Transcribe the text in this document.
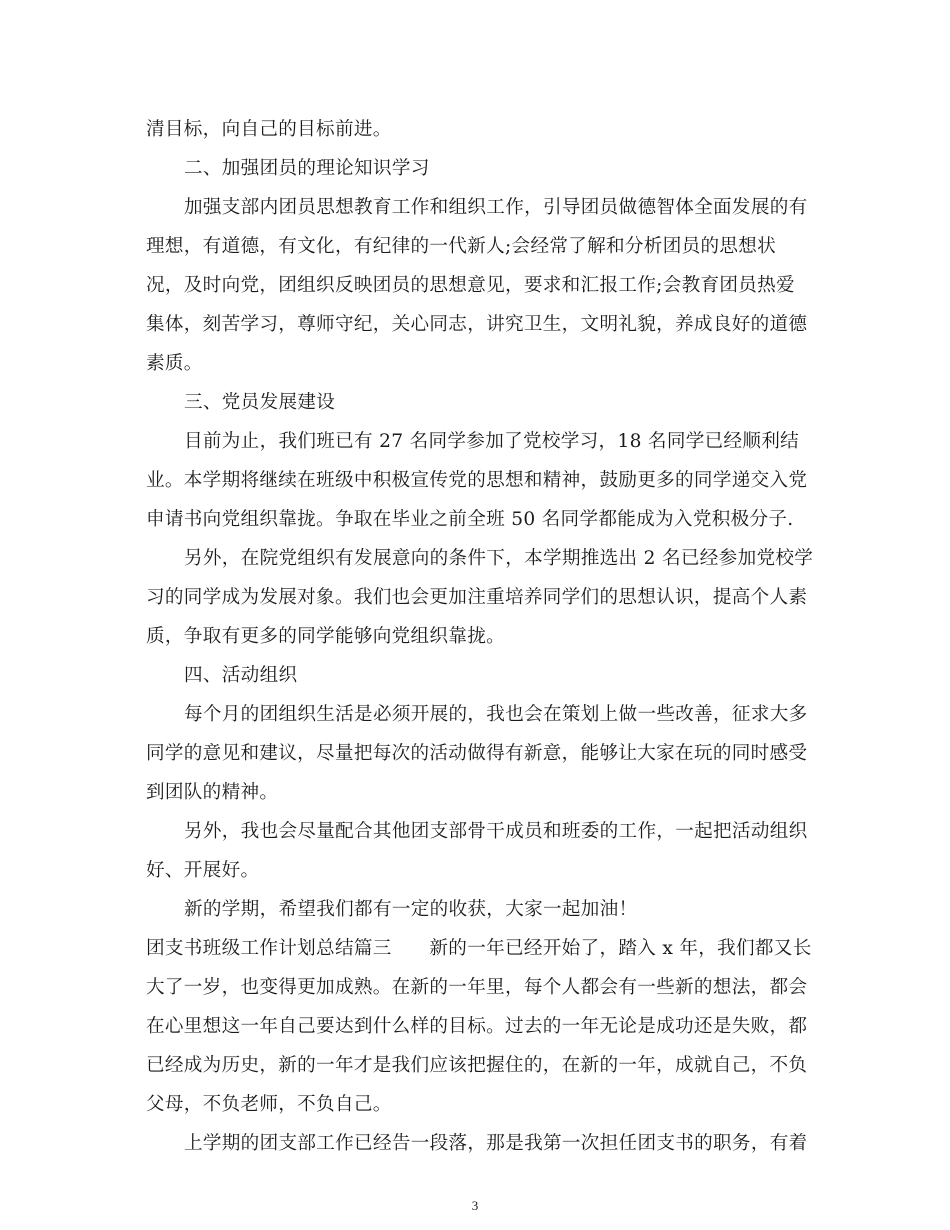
清目标，向自己的目标前进。
二、加强团员的理论知识学习
加强支部内团员思想教育工作和组织工作，引导团员做德智体全面发展的有
理想，有道德，有文化，有纪律的一代新人;会经常了解和分析团员的思想状
况，及时向党，团组织反映团员的思想意见，要求和汇报工作;会教育团员热爱
集体，刻苦学习，尊师守纪，关心同志，讲究卫生，文明礼貌，养成良好的道德
素质。
三、党员发展建设
目前为止，我们班已有 27 名同学参加了党校学习，18 名同学已经顺利结
业。本学期将继续在班级中积极宣传党的思想和精神，鼓励更多的同学递交入党
申请书向党组织靠拢。争取在毕业之前全班 50 名同学都能成为入党积极分子.
另外，在院党组织有发展意向的条件下，本学期推选出 2 名已经参加党校学
习的同学成为发展对象。我们也会更加注重培养同学们的思想认识，提高个人素
质，争取有更多的同学能够向党组织靠拢。
四、活动组织
每个月的团组织生活是必须开展的，我也会在策划上做一些改善，征求大多
同学的意见和建议，尽量把每次的活动做得有新意，能够让大家在玩的同时感受
到团队的精神。
另外，我也会尽量配合其他团支部骨干成员和班委的工作，一起把活动组织
好、开展好。
新的学期，希望我们都有一定的收获，大家一起加油！
团支书班级工作计划总结篇三　　新的一年已经开始了，踏入 x 年，我们都又长
大了一岁，也变得更加成熟。在新的一年里，每个人都会有一些新的想法，都会
在心里想这一年自己要达到什么样的目标。过去的一年无论是成功还是失败，都
已经成为历史，新的一年才是我们应该把握住的，在新的一年，成就自己，不负
父母，不负老师，不负自己。
上学期的团支部工作已经告一段落，那是我第一次担任团支书的职务，有着
3
